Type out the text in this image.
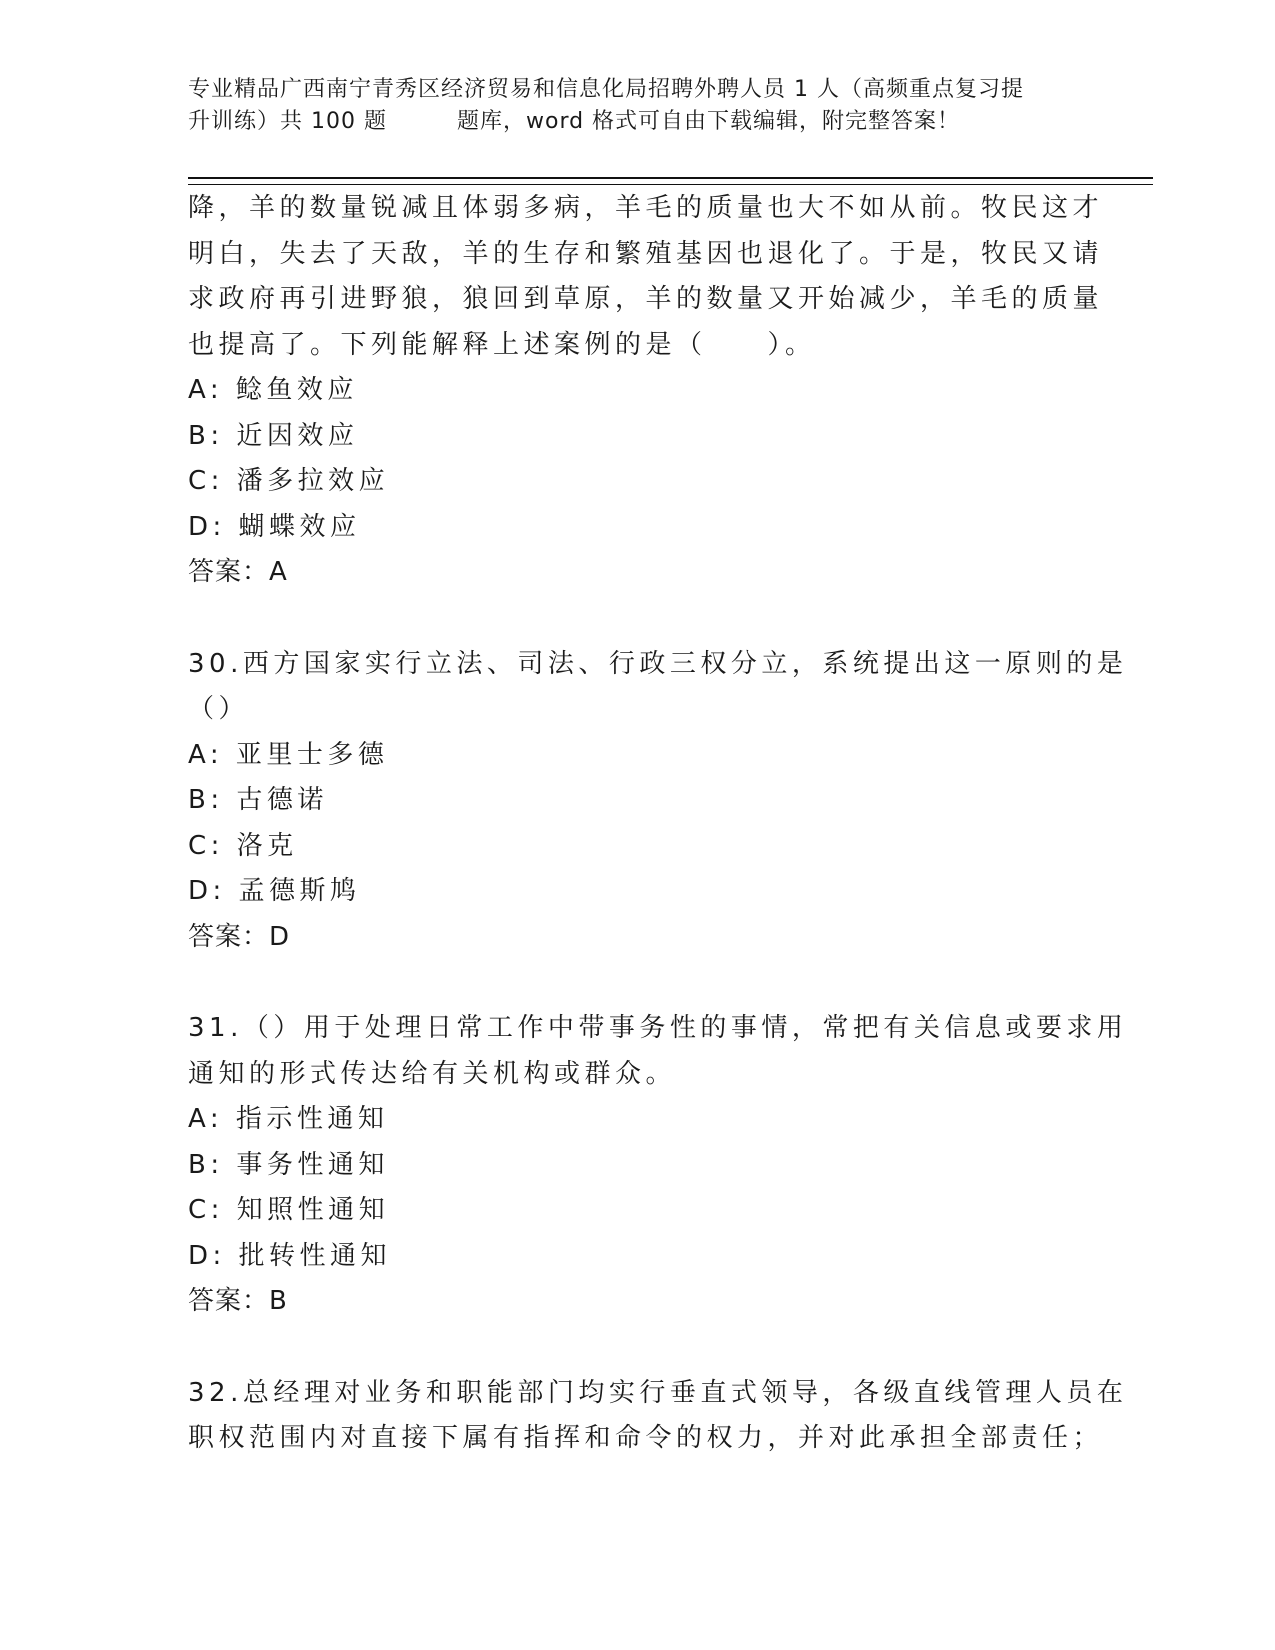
专业精品广西南宁青秀区经济贸易和信息化局招聘外聘人员 1 人（高频重点复习提
升训练）共 100 题	题库，word 格式可自由下载编辑，附完整答案！
降，羊的数量锐减且体弱多病，羊毛的质量也大不如从前。牧民这才
明白，失去了天敌，羊的生存和繁殖基因也退化了。于是，牧民又请
求政府再引进野狼，狼回到草原，羊的数量又开始减少，羊毛的质量
也提高了。下列能解释上述案例的是（　　）。
A: 鲶鱼效应
B: 近因效应
C: 潘多拉效应
D: 蝴蝶效应
答案：A
30.西方国家实行立法、司法、行政三权分立，系统提出这一原则的是
（）
A: 亚里士多德
B: 古德诺
C: 洛克
D: 孟德斯鸠
答案：D
31.（）用于处理日常工作中带事务性的事情，常把有关信息或要求用
通知的形式传达给有关机构或群众。
A: 指示性通知
B: 事务性通知
C: 知照性通知
D: 批转性通知
答案：B
32.总经理对业务和职能部门均实行垂直式领导，各级直线管理人员在
职权范围内对直接下属有指挥和命令的权力，并对此承担全部责任；
